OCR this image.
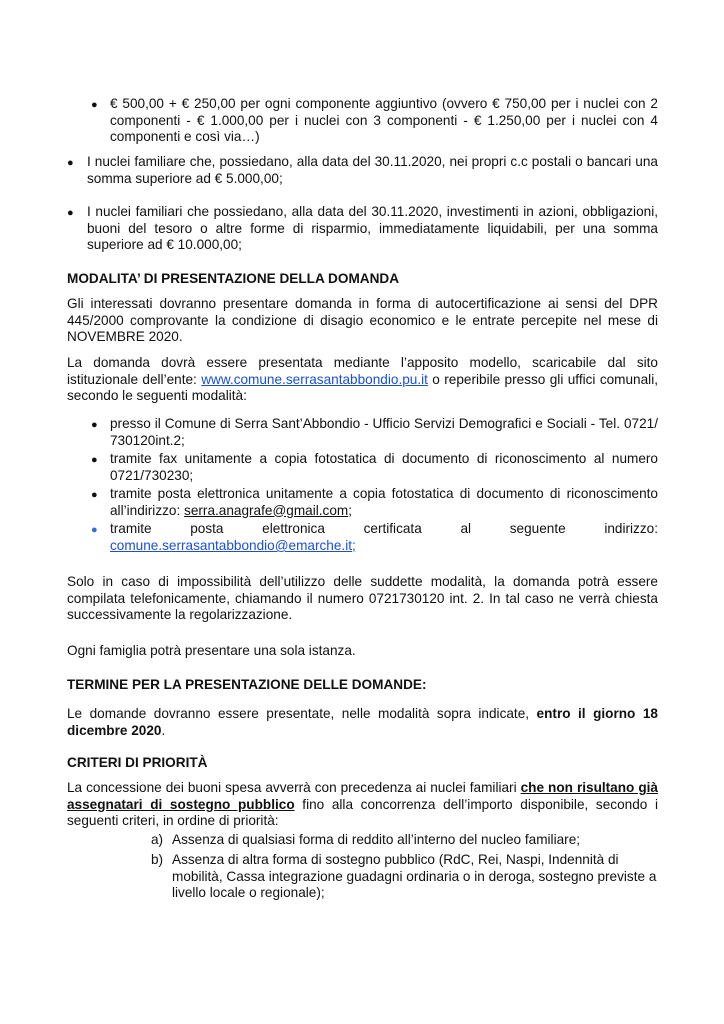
● € 500,00 + € 250,00 per ogni componente aggiuntivo (ovvero € 750,00 per i nuclei con 2 componenti - € 1.000,00 per i nuclei con 3 componenti - € 1.250,00 per i nuclei con 4 componenti e così via…)

● I nuclei familiare che, possiedano, alla data del 30.11.2020, nei propri c.c postali o bancari una somma superiore ad € 5.000,00;

● I nuclei familiari che possiedano, alla data del 30.11.2020, investimenti in azioni, obbligazioni, buoni del tesoro o altre forme di risparmio, immediatamente liquidabili, per una somma superiore ad € 10.000,00;

MODALITA’ DI PRESENTAZIONE DELLA DOMANDA

Gli interessati dovranno presentare domanda in forma di autocertificazione ai sensi del DPR 445/2000 comprovante la condizione di disagio economico e le entrate percepite nel mese di NOVEMBRE 2020.

La domanda dovrà essere presentata mediante l’apposito modello, scaricabile dal sito istituzionale dell’ente: www.comune.serrasantabbondio.pu.it o reperibile presso gli uffici comunali, secondo le seguenti modalità:

● presso il Comune di Serra Sant’Abbondio - Ufficio Servizi Demografici e Sociali - Tel. 0721/ 730120int.2;

● tramite fax unitamente a copia fotostatica di documento di riconoscimento al numero 0721/730230;

● tramite posta elettronica unitamente a copia fotostatica di documento di riconoscimento all’indirizzo: serra.anagrafe@gmail.com;

● tramite posta elettronica certificata al seguente indirizzo:

comune.serrasantabbondio@emarche.it;

Solo in caso di impossibilità dell’utilizzo delle suddette modalità, la domanda potrà essere compilata telefonicamente, chiamando il numero 0721730120 int. 2. In tal caso ne verrà chiesta successivamente la regolarizzazione.

Ogni famiglia potrà presentare una sola istanza.

TERMINE PER LA PRESENTAZIONE DELLE DOMANDE:

Le domande dovranno essere presentate, nelle modalità sopra indicate, entro il giorno 18 dicembre 2020.

CRITERI DI PRIORITÀ

La concessione dei buoni spesa avverrà con precedenza ai nuclei familiari che non risultano già assegnatari di sostegno pubblico fino alla concorrenza dell’importo disponibile, secondo i seguenti criteri, in ordine di priorità:

a) Assenza di qualsiasi forma di reddito all’interno del nucleo familiare;

b) Assenza di altra forma di sostegno pubblico (RdC, Rei, Naspi, Indennità di mobilità, Cassa integrazione guadagni ordinaria o in deroga, sostegno previste a livello locale o regionale);
